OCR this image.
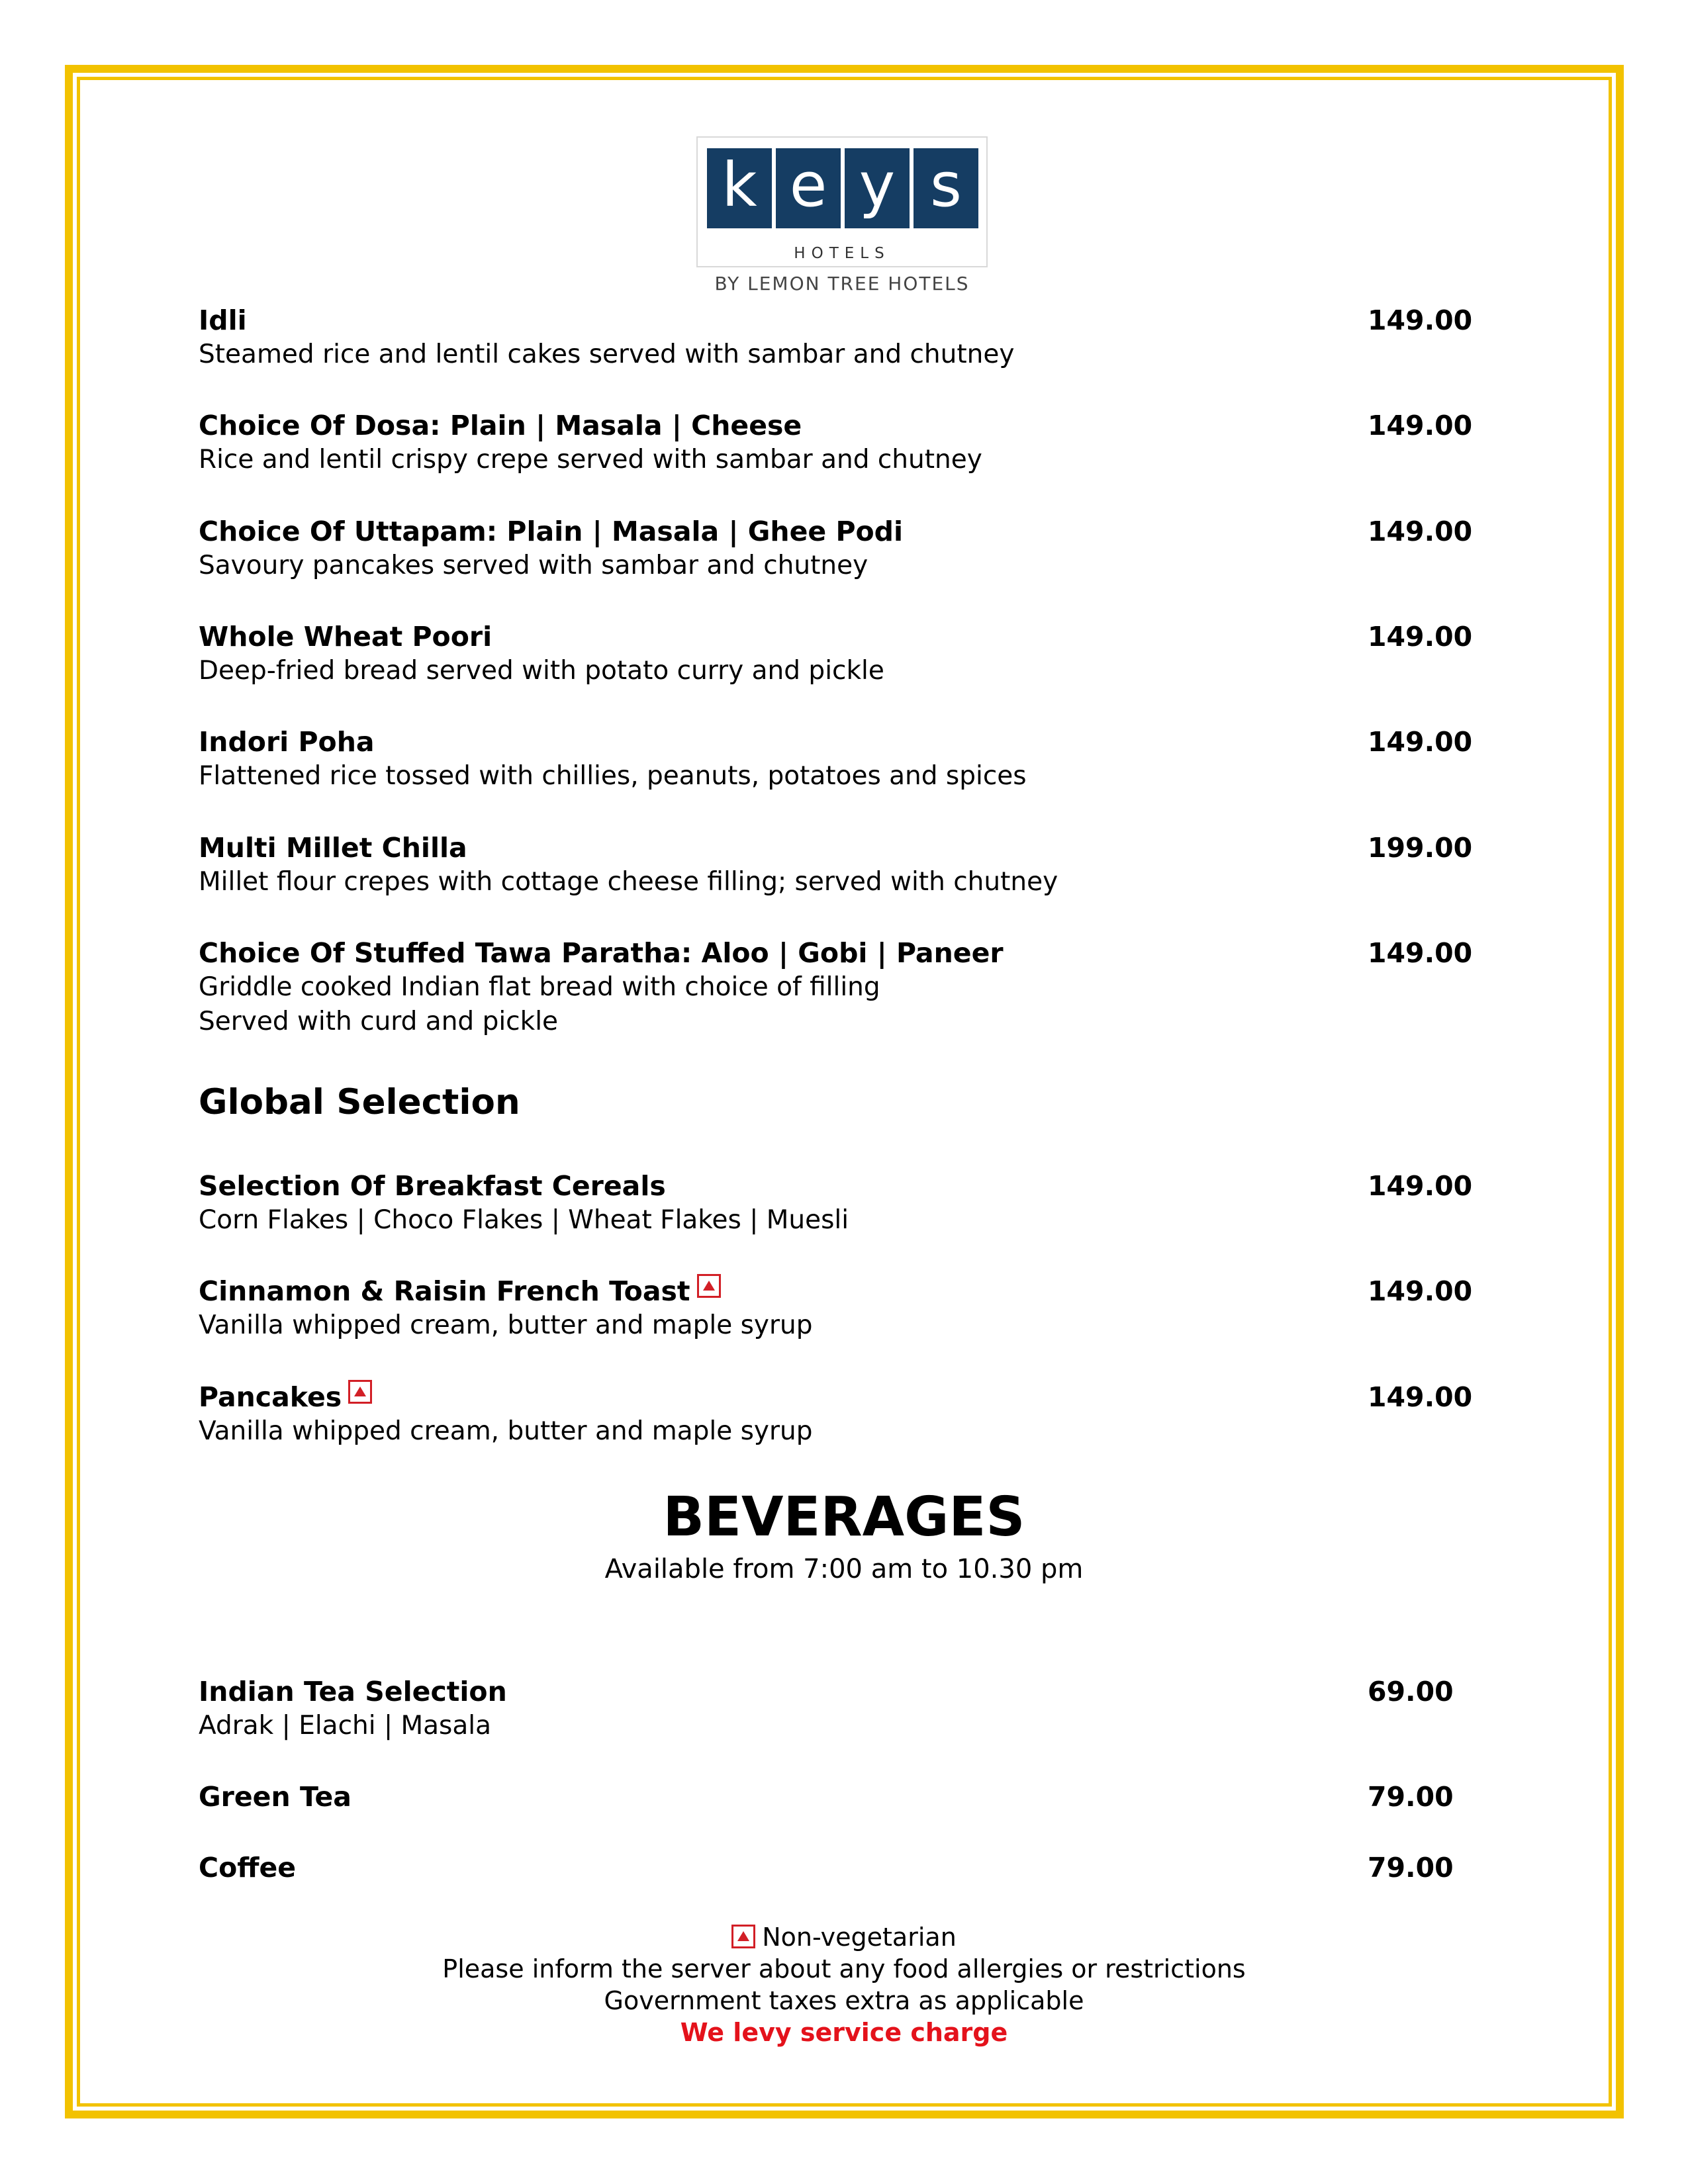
k e y s
HOTELS
BY LEMON TREE HOTELS
Idli
Steamed rice and lentil cakes served with sambar and chutney
149.00
Choice Of Dosa: Plain | Masala | Cheese
Rice and lentil crispy crepe served with sambar and chutney
149.00
Choice Of Uttapam: Plain | Masala | Ghee Podi
Savoury pancakes served with sambar and chutney
149.00
Whole Wheat Poori
Deep-fried bread served with potato curry and pickle
149.00
Indori Poha
Flattened rice tossed with chillies, peanuts, potatoes and spices
149.00
Multi Millet Chilla
Millet flour crepes with cottage cheese filling; served with chutney
199.00
Choice Of Stuffed Tawa Paratha: Aloo | Gobi | Paneer
Griddle cooked Indian flat bread with choice of filling
Served with curd and pickle
149.00
Global Selection
Selection Of Breakfast Cereals
Corn Flakes | Choco Flakes | Wheat Flakes | Muesli
149.00
Cinnamon & Raisin French Toast
Vanilla whipped cream, butter and maple syrup
149.00
Pancakes
Vanilla whipped cream, butter and maple syrup
149.00
BEVERAGES
Available from 7:00 am to 10.30 pm
Indian Tea Selection
Adrak | Elachi | Masala
69.00
Green Tea	79.00
Coffee	79.00
Non-vegetarian
Please inform the server about any food allergies or restrictions
Government taxes extra as applicable
We levy service charge
